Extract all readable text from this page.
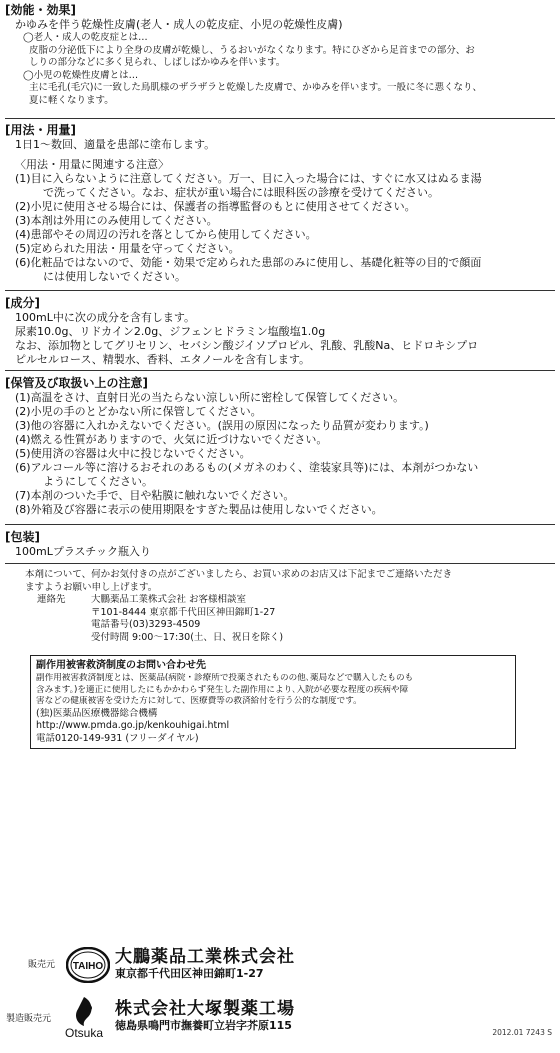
[効能・効果]
かゆみを伴う乾燥性皮膚(老人・成人の乾皮症、小児の乾燥性皮膚)
◯老人・成人の乾皮症とは…
皮脂の分泌低下により全身の皮膚が乾燥し、うるおいがなくなります。特にひざから足首までの部分、お
しりの部分などに多く見られ、しばしばかゆみを伴います。
◯小児の乾燥性皮膚とは…
主に毛孔(毛穴)に一致した鳥肌様のザラザラと乾燥した皮膚で、かゆみを伴います。一般に冬に悪くなり、
夏に軽くなります。
[用法・用量]
1日1～数回、適量を患部に塗布します。
〈用法・用量に関連する注意〉
(1)目に入らないように注意してください。万一、目に入った場合には、すぐに水又はぬるま湯
で洗ってください。なお、症状が重い場合には眼科医の診療を受けてください。
(2)小児に使用させる場合には、保護者の指導監督のもとに使用させてください。
(3)本剤は外用にのみ使用してください。
(4)患部やその周辺の汚れを落としてから使用してください。
(5)定められた用法・用量を守ってください。
(6)化粧品ではないので、効能・効果で定められた患部のみに使用し、基礎化粧等の目的で顔面
には使用しないでください。
[成分]
100mL中に次の成分を含有します。
尿素10.0g、リドカイン2.0g、ジフェンヒドラミン塩酸塩1.0g
なお、添加物としてグリセリン、セバシン酸ジイソプロピル、乳酸、乳酸Na、ヒドロキシプロ
ピルセルロース、精製水、香料、エタノールを含有します。
[保管及び取扱い上の注意]
(1)高温をさけ、直射日光の当たらない涼しい所に密栓して保管してください。
(2)小児の手のとどかない所に保管してください。
(3)他の容器に入れかえないでください。(誤用の原因になったり品質が変わります。)
(4)燃える性質がありますので、火気に近づけないでください。
(5)使用済の容器は火中に投じないでください。
(6)アルコール等に溶けるおそれのあるもの(メガネのわく、塗装家具等)には、本剤がつかない
ようにしてください。
(7)本剤のついた手で、目や粘膜に触れないでください。
(8)外箱及び容器に表示の使用期限をすぎた製品は使用しないでください。
[包装]
100mLプラスチック瓶入り
本剤について、何かお気付きの点がございましたら、お買い求めのお店又は下記までご連絡いただき
ますようお願い申し上げます。
連絡先	大鵬薬品工業株式会社 お客様相談室
〒101-8444 東京都千代田区神田錦町1-27
電話番号(03)3293-4509
受付時間 9:00～17:30(土、日、祝日を除く)
副作用被害救済制度のお問い合わせ先
副作用被害救済制度とは、医薬品(病院・診療所で投薬されたものの他､薬局などで購入したものも
含みます。)を適正に使用したにもかかわらず発生した副作用により､入院が必要な程度の疾病や障
害などの健康被害を受けた方に対して、医療費等の救済給付を行う公的な制度です。
(独)医薬品医療機器総合機構
http://www.pmda.go.jp/kenkouhigai.html
電話0120-149-931 (フリーダイヤル)
販売元 TAIHO 大鵬薬品工業株式会社
東京都千代田区神田錦町1-27
製造販売元
Otsuka
株式会社大塚製薬工場
徳島県鳴門市撫養町立岩字芥原115
2012.01 7243 S
